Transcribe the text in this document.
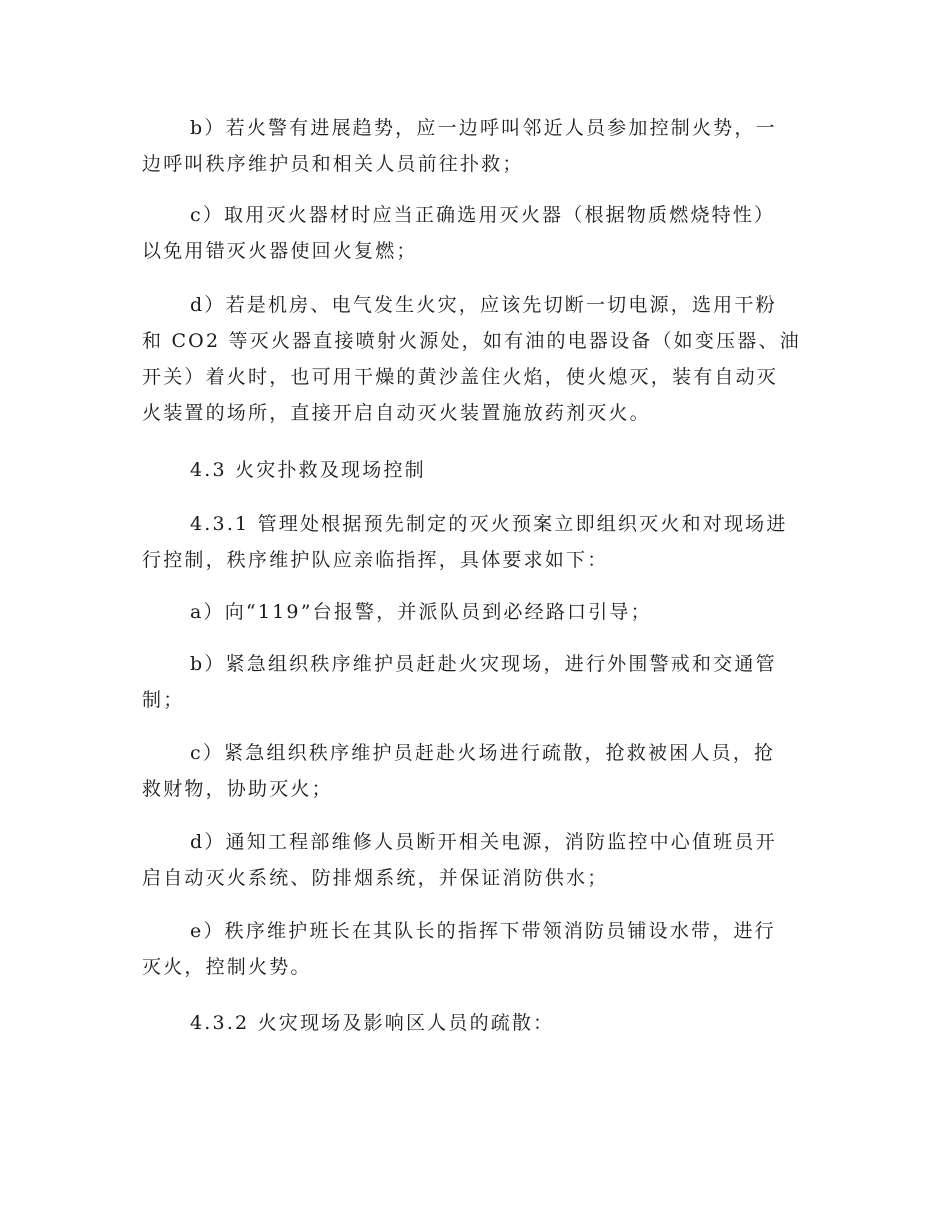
b）若火警有进展趋势，应一边呼叫邻近人员参加控制火势，一
边呼叫秩序维护员和相关人员前往扑救；
c）取用灭火器材时应当正确选用灭火器（根据物质燃烧特性）
以免用错灭火器使回火复燃；
d）若是机房、电气发生火灾，应该先切断一切电源，选用干粉
和 CO2 等灭火器直接喷射火源处，如有油的电器设备（如变压器、油
开关）着火时，也可用干燥的黄沙盖住火焰，使火熄灭，装有自动灭
火装置的场所，直接开启自动灭火装置施放药剂灭火。
4.3 火灾扑救及现场控制
4.3.1 管理处根据预先制定的灭火预案立即组织灭火和对现场进
行控制，秩序维护队应亲临指挥，具体要求如下：
a）向“119”台报警，并派队员到必经路口引导；
b）紧急组织秩序维护员赶赴火灾现场，进行外围警戒和交通管
制；
c）紧急组织秩序维护员赶赴火场进行疏散，抢救被困人员，抢
救财物，协助灭火；
d）通知工程部维修人员断开相关电源，消防监控中心值班员开
启自动灭火系统、防排烟系统，并保证消防供水；
e）秩序维护班长在其队长的指挥下带领消防员铺设水带，进行
灭火，控制火势。
4.3.2 火灾现场及影响区人员的疏散：
